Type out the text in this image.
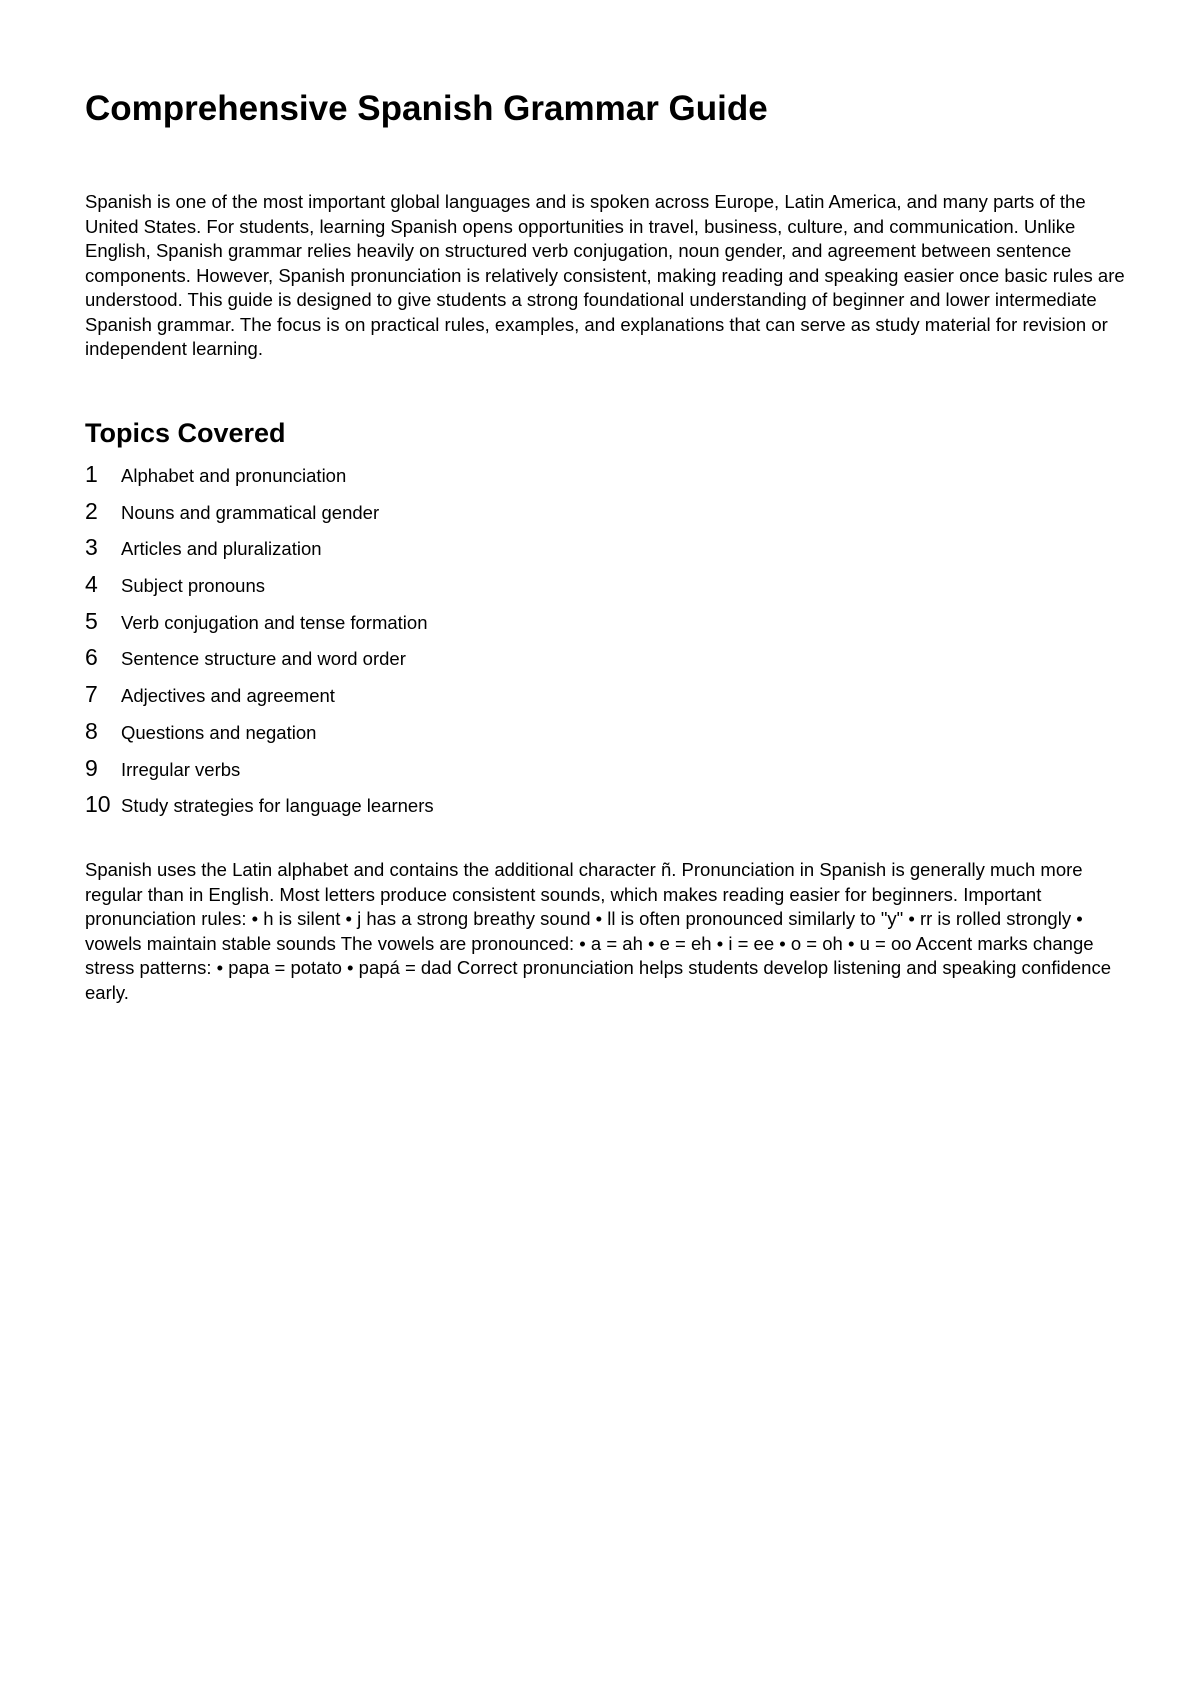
Comprehensive Spanish Grammar Guide

Spanish is one of the most important global languages and is spoken across Europe, Latin America, and many parts of the United States. For students, learning Spanish opens opportunities in travel, business, culture, and communication. Unlike English, Spanish grammar relies heavily on structured verb conjugation, noun gender, and agreement between sentence components. However, Spanish pronunciation is relatively consistent, making reading and speaking easier once basic rules are understood. This guide is designed to give students a strong foundational understanding of beginner and lower intermediate Spanish grammar. The focus is on practical rules, examples, and explanations that can serve as study material for revision or independent learning.

Topics Covered
1	Alphabet and pronunciation
2	Nouns and grammatical gender
3	Articles and pluralization
4	Subject pronouns
5	Verb conjugation and tense formation
6	Sentence structure and word order
7	Adjectives and agreement
8	Questions and negation
9	Irregular verbs
10 Study strategies for language learners

Spanish uses the Latin alphabet and contains the additional character ñ. Pronunciation in Spanish is generally much more regular than in English. Most letters produce consistent sounds, which makes reading easier for beginners. Important pronunciation rules: • h is silent • j has a strong breathy sound • ll is often pronounced similarly to "y" • rr is rolled strongly • vowels maintain stable sounds The vowels are pronounced: • a = ah • e = eh • i = ee • o = oh • u = oo Accent marks change stress patterns: • papa = potato • papá = dad Correct pronunciation helps students develop listening and speaking confidence early.
